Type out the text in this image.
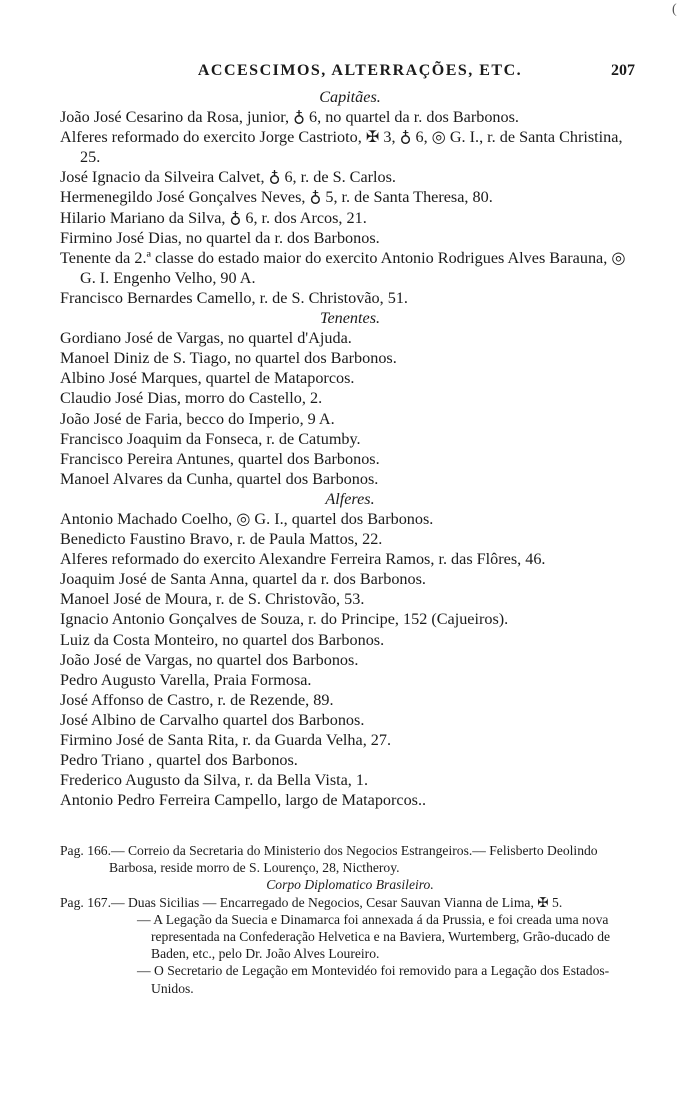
(
ACCESCIMOS, ALTERRAÇÕES, ETC.	207
Capitães.
João José Cesarino da Rosa, junior, ♁ 6, no quartel da r. dos Barbonos.
Alferes reformado do exercito Jorge Castrioto, ✠ 3, ♁ 6, ◎ G. I., r. de Santa Christina, 25.
José Ignacio da Silveira Calvet, ♁ 6, r. de S. Carlos.
Hermenegildo José Gonçalves Neves, ♁ 5, r. de Santa Theresa, 80.
Hilario Mariano da Silva, ♁ 6, r. dos Arcos, 21.
Firmino José Dias, no quartel da r. dos Barbonos.
Tenente da 2.ª classe do estado maior do exercito Antonio Rodrigues Alves Barauna, ◎ G. I. Engenho Velho, 90 A.
Francisco Bernardes Camello, r. de S. Christovão, 51.
Tenentes.
Gordiano José de Vargas, no quartel d'Ajuda.
Manoel Diniz de S. Tiago, no quartel dos Barbonos.
Albino José Marques, quartel de Mataporcos.
Claudio José Dias, morro do Castello, 2.
João José de Faria, becco do Imperio, 9 A.
Francisco Joaquim da Fonseca, r. de Catumby.
Francisco Pereira Antunes, quartel dos Barbonos.
Manoel Alvares da Cunha, quartel dos Barbonos.
Alferes.
Antonio Machado Coelho, ◎ G. I., quartel dos Barbonos.
Benedicto Faustino Bravo, r. de Paula Mattos, 22.
Alferes reformado do exercito Alexandre Ferreira Ramos, r. das Flôres, 46.
Joaquim José de Santa Anna, quartel da r. dos Barbonos.
Manoel José de Moura, r. de S. Christovão, 53.
Ignacio Antonio Gonçalves de Souza, r. do Principe, 152 (Cajueiros).
Luiz da Costa Monteiro, no quartel dos Barbonos.
João José de Vargas, no quartel dos Barbonos.
Pedro Augusto Varella, Praia Formosa.
José Affonso de Castro, r. de Rezende, 89.
José Albino de Carvalho quartel dos Barbonos.
Firmino José de Santa Rita, r. da Guarda Velha, 27.
Pedro Triano , quartel dos Barbonos.
Frederico Augusto da Silva, r. da Bella Vista, 1.
Antonio Pedro Ferreira Campello, largo de Mataporcos..

Pag. 166.— Correio da Secretaria do Ministerio dos Negocios Estrangeiros.— Felisberto Deolindo Barbosa, reside morro de S. Lourenço, 28, Nictheroy.

Corpo Diplomatico Brasileiro.

Pag. 167.— Duas Sicilias — Encarregado de Negocios, Cesar Sauvan Vianna de Lima, ✠ 5.

— A Legação da Suecia e Dinamarca foi annexada á da Prussia, e foi creada uma nova representada na Confederação Helvetica e na Baviera, Wurtemberg, Grão-ducado de Baden, etc., pelo Dr. João Alves Loureiro.

— O Secretario de Legação em Montevidéo foi removido para a Legação dos Estados-Unidos.
